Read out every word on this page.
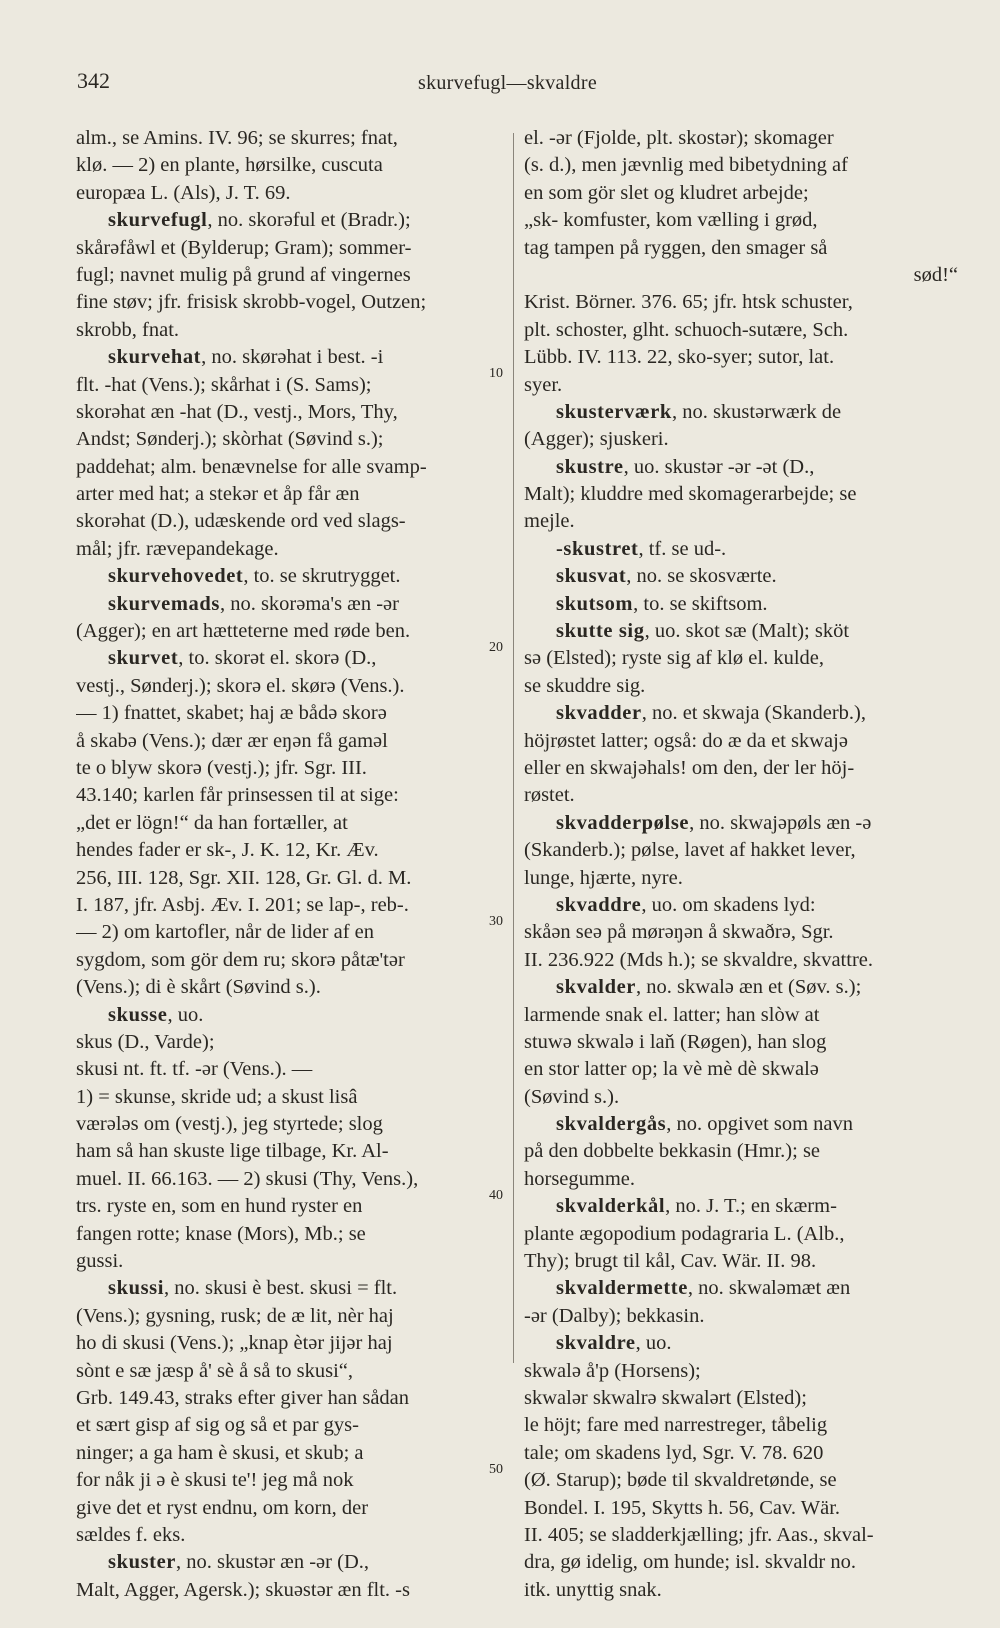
342	skurvefugl—skvaldre
alm., se Amins. IV. 96; se skurres; fnat,
klø. — 2) en plante, hørsilke, cuscuta
europæa L. (Als), J. T. 69.
skurvefugl, no. skorəful et (Bradr.);
skårəfåwl et (Bylderup; Gram); sommer-
fugl; navnet mulig på grund af vingernes
fine støv; jfr. frisisk skrobb-vogel, Outzen;
skrobb, fnat.
skurvehat, no. skørəhat i best. -i
flt. -hat (Vens.); skårhat i (S. Sams);
skorəhat æn -hat (D., vestj., Mors, Thy,
Andst; Sønderj.); skòrhat (Søvind s.);
paddehat; alm. benævnelse for alle svamp-
arter med hat; a stekər et åp får æn
skorəhat (D.), udæskende ord ved slags-
mål; jfr. rævepandekage.
skurvehovedet, to. se skrutrygget.
skurvemads, no. skorəma's æn -ər
(Agger); en art hætteterne med røde ben.
skurvet, to. skorət el. skorə (D.,
vestj., Sønderj.); skorə el. skørə (Vens.).
— 1) fnattet, skabet; haj æ bådə skorə
å skabə (Vens.); dær ær eŋən få gaməl
te o blyw skorə (vestj.); jfr. Sgr. III.
43.140; karlen får prinsessen til at sige:
„det er lögn!“ da han fortæller, at
hendes fader er sk-, J. K. 12, Kr. Æv.
256, III. 128, Sgr. XII. 128, Gr. Gl. d. M.
I. 187, jfr. Asbj. Æv. I. 201; se lap-, reb-.
— 2) om kartofler, når de lider af en
sygdom, som gör dem ru; skorə påtæ'tər
(Vens.); di è skårt (Søvind s.).
skusse, uo.
skus (D., Varde);
skusi nt. ft. tf. -ər (Vens.). —
1) = skunse, skride ud; a skust lisâ
værələs om (vestj.), jeg styrtede; slog
ham så han skuste lige tilbage, Kr. Al-
muel. II. 66.163. — 2) skusi (Thy, Vens.),
trs. ryste en, som en hund ryster en
fangen rotte; knase (Mors), Mb.; se
gussi.
skussi, no. skusi è best. skusi = flt.
(Vens.); gysning, rusk; de æ lit, nèr haj
ho di skusi (Vens.); „knap ètər jijər haj
sònt e sæ jæsp å' sè å så to skusi“,
Grb. 149.43, straks efter giver han sådan
et sært gisp af sig og så et par gys-
ninger; a ga ham è skusi, et skub; a
for nåk ji ə è skusi te'! jeg må nok
give det et ryst endnu, om korn, der
sældes f. eks.
skuster, no. skustər æn -ər (D.,
Malt, Agger, Agersk.); skuəstər æn flt. -s
el. -ər (Fjolde, plt. skostər); skomager
(s. d.), men jævnlig med bibetydning af
en som gör slet og kludret arbejde;
„sk- komfuster, kom vælling i grød,
tag tampen på ryggen, den smager så
sød!“
Krist. Börner. 376. 65; jfr. htsk schuster,
plt. schoster, glht. schuoch-sutære, Sch.
Lübb. IV. 113. 22, sko-syer; sutor, lat.
syer.
skusterværk, no. skustərwærk de
(Agger); sjuskeri.
skustre, uo. skustər -ər -ət (D.,
Malt); kluddre med skomagerarbejde; se
mejle.
-skustret, tf. se ud-.
skusvat, no. se skosværte.
skutsom, to. se skiftsom.
skutte sig, uo. skot sæ (Malt); sköt
sə (Elsted); ryste sig af klø el. kulde,
se skuddre sig.
skvadder, no. et skwaja (Skanderb.),
höjrøstet latter; også: do æ da et skwajə
eller en skwajəhals! om den, der ler höj-
røstet.
skvadderpølse, no. skwajəpøls æn -ə
(Skanderb.); pølse, lavet af hakket lever,
lunge, hjærte, nyre.
skvaddre, uo. om skadens lyd:
skåən seə på mørəŋən å skwaðrə, Sgr.
II. 236.922 (Mds h.); se skvaldre, skvattre.
skvalder, no. skwalə æn et (Søv. s.);
larmende snak el. latter; han slòw at
stuwə skwalə i laň (Røgen), han slog
en stor latter op; la vè mè dè skwalə
(Søvind s.).
skvaldergås, no. opgivet som navn
på den dobbelte bekkasin (Hmr.); se
horsegumme.
skvalderkål, no. J. T.; en skærm-
plante ægopodium podagraria L. (Alb.,
Thy); brugt til kål, Cav. Wär. II. 98.
skvaldermette, no. skwaləmæt æn
-ər (Dalby); bekkasin.
skvaldre, uo.
skwalə å'p (Horsens);
skwalər skwalrə skwalərt (Elsted);
le höjt; fare med narrestreger, tåbelig
tale; om skadens lyd, Sgr. V. 78. 620
(Ø. Starup); bøde til skvaldretønde, se
Bondel. I. 195, Skytts h. 56, Cav. Wär.
II. 405; se sladderkjælling; jfr. Aas., skval-
dra, gø idelig, om hunde; isl. skvaldr no.
itk. unyttig snak.
10
20
30
40
50
